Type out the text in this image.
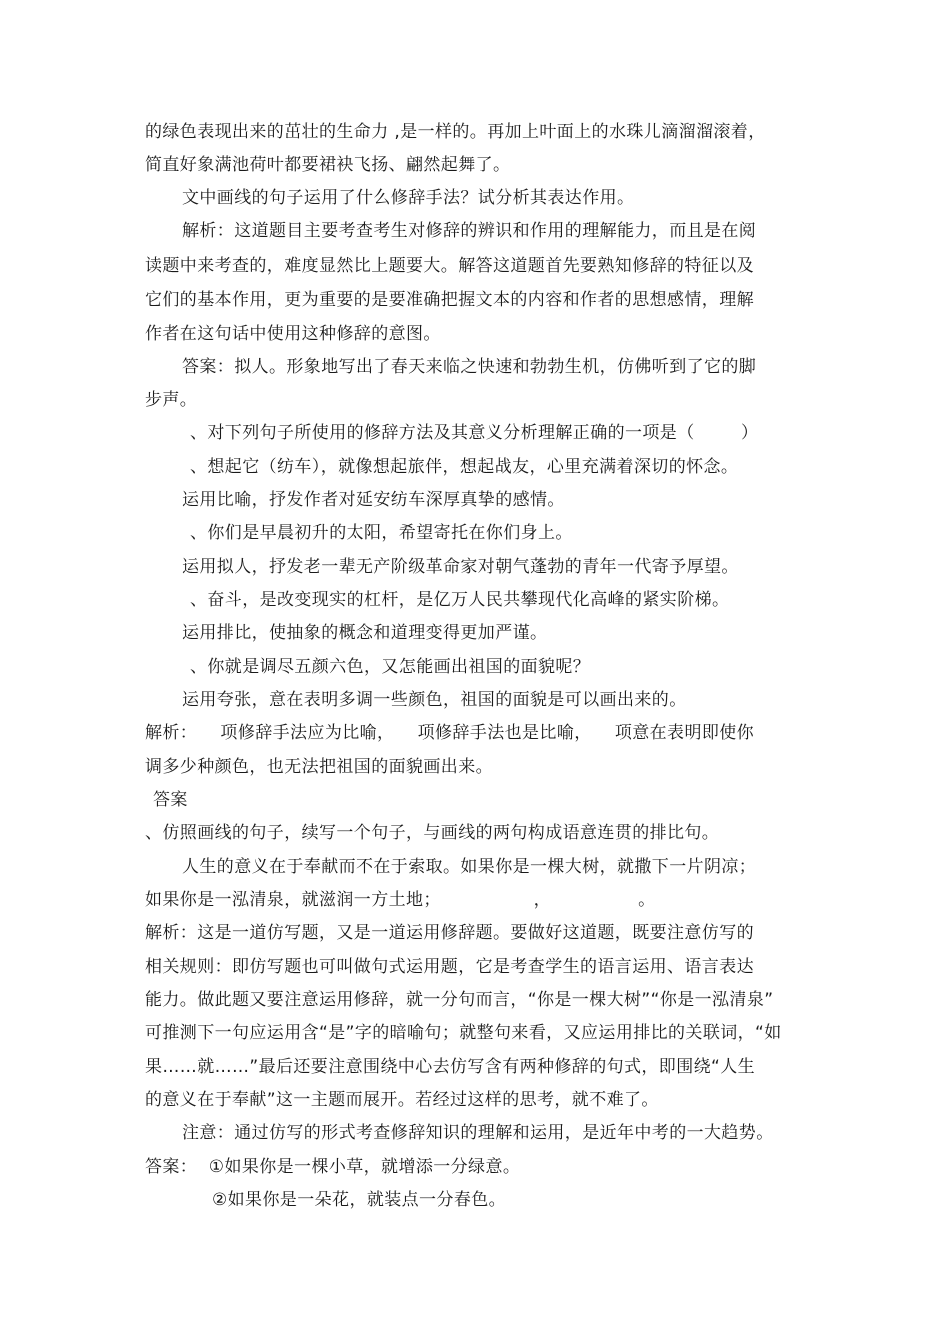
的绿色表现出来的茁壮的生命力 ,是一样的。再加上叶面上的水珠儿滴溜溜滚着，
简直好象满池荷叶都要裙袂飞扬、翩然起舞了。
文中画线的句子运用了什么修辞手法？试分析其表达作用。
解析：这道题目主要考查考生对修辞的辨识和作用的理解能力，而且是在阅
读题中来考查的，难度显然比上题要大。解答这道题首先要熟知修辞的特征以及
它们的基本作用，更为重要的是要准确把握文本的内容和作者的思想感情，理解
作者在这句话中使用这种修辞的意图。
答案：拟人。形象地写出了春天来临之快速和勃勃生机，仿佛听到了它的脚
步声。
、对下列句子所使用的修辞方法及其意义分析理解正确的一项是（        ）
、想起它（纺车），就像想起旅伴，想起战友，心里充满着深切的怀念。
运用比喻，抒发作者对延安纺车深厚真挚的感情。
、你们是早晨初升的太阳，希望寄托在你们身上。
运用拟人，抒发老一辈无产阶级革命家对朝气蓬勃的青年一代寄予厚望。
、奋斗，是改变现实的杠杆，是亿万人民共攀现代化高峰的紧实阶梯。
运用排比，使抽象的概念和道理变得更加严谨。
、你就是调尽五颜六色，又怎能画出祖国的面貌呢？
运用夸张，意在表明多调一些颜色，祖国的面貌是可以画出来的。
解析：    项修辞手法应为比喻，    项修辞手法也是比喻，    项意在表明即使你
调多少种颜色，也无法把祖国的面貌画出来。
答案
、仿照画线的句子，续写一个句子，与画线的两句构成语意连贯的排比句。
人生的意义在于奉献而不在于索取。如果你是一棵大树，就撒下一片阴凉；
如果你是一泓清泉，就滋润一方土地；                ，               。
解析：这是一道仿写题，又是一道运用修辞题。要做好这道题，既要注意仿写的
相关规则：即仿写题也可叫做句式运用题，它是考查学生的语言运用、语言表达
能力。做此题又要注意运用修辞，就一分句而言，“你是一棵大树”“你是一泓清泉”
可推测下一句应运用含“是”字的暗喻句；就整句来看，又应运用排比的关联词，“如
果……就……”最后还要注意围绕中心去仿写含有两种修辞的句式，即围绕“人生
的意义在于奉献”这一主题而展开。若经过这样的思考，就不难了。
注意：通过仿写的形式考查修辞知识的理解和运用，是近年中考的一大趋势。
答案：  ①如果你是一棵小草，就增添一分绿意。
②如果你是一朵花，就装点一分春色。
